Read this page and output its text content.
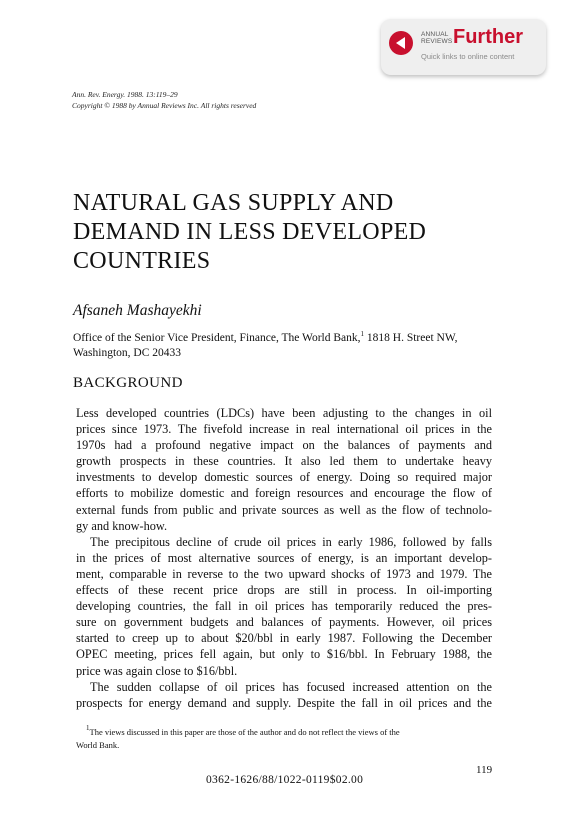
ANNUAL
REVIEWS Further
Quick links to online content
Ann. Rev. Energy. 1988. 13:119–29
Copyright © 1988 by Annual Reviews Inc. All rights reserved
NATURAL GAS SUPPLY AND
DEMAND IN LESS DEVELOPED
COUNTRIES
Afsaneh Mashayekhi
Office of the Senior Vice President, Finance, The World Bank,$^1$ 1818 H. Street NW,
Washington, DC 20433
BACKGROUND
Less developed countries (LDCs) have been adjusting to the changes in oil
prices since 1973. The fivefold increase in real international oil prices in the
1970s had a profound negative impact on the balances of payments and
growth prospects in these countries. It also led them to undertake heavy
investments to develop domestic sources of energy. Doing so required major
efforts to mobilize domestic and foreign resources and encourage the flow of
external funds from public and private sources as well as the flow of technolo-
gy and know-how.
The precipitous decline of crude oil prices in early 1986, followed by falls
in the prices of most alternative sources of energy, is an important develop-
ment, comparable in reverse to the two upward shocks of 1973 and 1979. The
effects of these recent price drops are still in process. In oil-importing
developing countries, the fall in oil prices has temporarily reduced the pres-
sure on government budgets and balances of payments. However, oil prices
started to creep up to about $20/bbl in early 1987. Following the December
OPEC meeting, prices fell again, but only to $16/bbl. In February 1988, the
price was again close to $16/bbl.
The sudden collapse of oil prices has focused increased attention on the
prospects for energy demand and supply. Despite the fall in oil prices and the
$^1$The views discussed in this paper are those of the author and do not reflect the views of the
World Bank.
119
0362-1626/88/1022-0119$02.00
